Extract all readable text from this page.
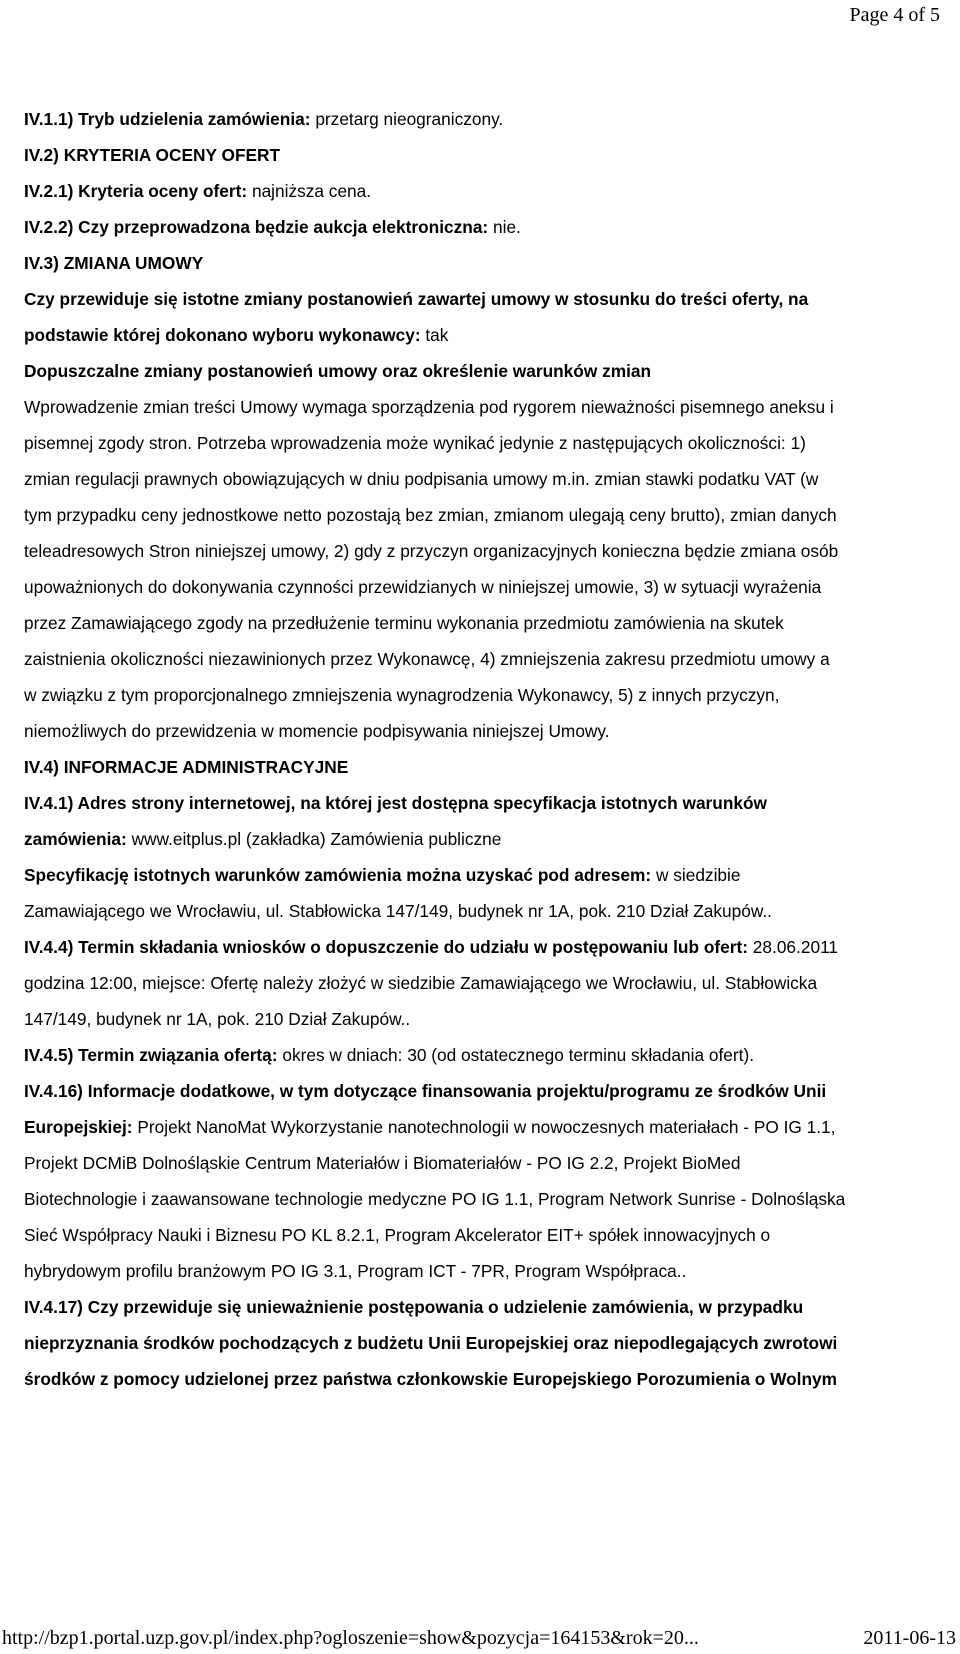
Page 4 of 5
IV.1.1) Tryb udzielenia zamówienia: przetarg nieograniczony.
IV.2) KRYTERIA OCENY OFERT
IV.2.1) Kryteria oceny ofert: najniższa cena.
IV.2.2) Czy przeprowadzona będzie aukcja elektroniczna: nie.
IV.3) ZMIANA UMOWY
Czy przewiduje się istotne zmiany postanowień zawartej umowy w stosunku do treści oferty, na
podstawie której dokonano wyboru wykonawcy: tak
Dopuszczalne zmiany postanowień umowy oraz określenie warunków zmian
Wprowadzenie zmian treści Umowy wymaga sporządzenia pod rygorem nieważności pisemnego aneksu i
pisemnej zgody stron. Potrzeba wprowadzenia może wynikać jedynie z następujących okoliczności: 1)
zmian regulacji prawnych obowiązujących w dniu podpisania umowy m.in. zmian stawki podatku VAT (w
tym przypadku ceny jednostkowe netto pozostają bez zmian, zmianom ulegają ceny brutto), zmian danych
teleadresowych Stron niniejszej umowy, 2) gdy z przyczyn organizacyjnych konieczna będzie zmiana osób
upoważnionych do dokonywania czynności przewidzianych w niniejszej umowie, 3) w sytuacji wyrażenia
przez Zamawiającego zgody na przedłużenie terminu wykonania przedmiotu zamówienia na skutek
zaistnienia okoliczności niezawinionych przez Wykonawcę, 4) zmniejszenia zakresu przedmiotu umowy a
w związku z tym proporcjonalnego zmniejszenia wynagrodzenia Wykonawcy, 5) z innych przyczyn,
niemożliwych do przewidzenia w momencie podpisywania niniejszej Umowy.
IV.4) INFORMACJE ADMINISTRACYJNE
IV.4.1) Adres strony internetowej, na której jest dostępna specyfikacja istotnych warunków
zamówienia: www.eitplus.pl (zakładka) Zamówienia publiczne
Specyfikację istotnych warunków zamówienia można uzyskać pod adresem: w siedzibie
Zamawiającego we Wrocławiu, ul. Stabłowicka 147/149, budynek nr 1A, pok. 210 Dział Zakupów..
IV.4.4) Termin składania wniosków o dopuszczenie do udziału w postępowaniu lub ofert: 28.06.2011
godzina 12:00, miejsce: Ofertę należy złożyć w siedzibie Zamawiającego we Wrocławiu, ul. Stabłowicka
147/149, budynek nr 1A, pok. 210 Dział Zakupów..
IV.4.5) Termin związania ofertą: okres w dniach: 30 (od ostatecznego terminu składania ofert).
IV.4.16) Informacje dodatkowe, w tym dotyczące finansowania projektu/programu ze środków Unii
Europejskiej: Projekt NanoMat Wykorzystanie nanotechnologii w nowoczesnych materiałach - PO IG 1.1,
Projekt DCMiB Dolnośląskie Centrum Materiałów i Biomateriałów - PO IG 2.2, Projekt BioMed
Biotechnologie i zaawansowane technologie medyczne PO IG 1.1, Program Network Sunrise - Dolnośląska
Sieć Współpracy Nauki i Biznesu PO KL 8.2.1, Program Akcelerator EIT+ spółek innowacyjnych o
hybrydowym profilu branżowym PO IG 3.1, Program ICT - 7PR, Program Współpraca..
IV.4.17) Czy przewiduje się unieważnienie postępowania o udzielenie zamówienia, w przypadku
nieprzyznania środków pochodzących z budżetu Unii Europejskiej oraz niepodlegających zwrotowi
środków z pomocy udzielonej przez państwa członkowskie Europejskiego Porozumienia o Wolnym
http://bzp1.portal.uzp.gov.pl/index.php?ogloszenie=show&pozycja=164153&rok=20...	2011-06-13
